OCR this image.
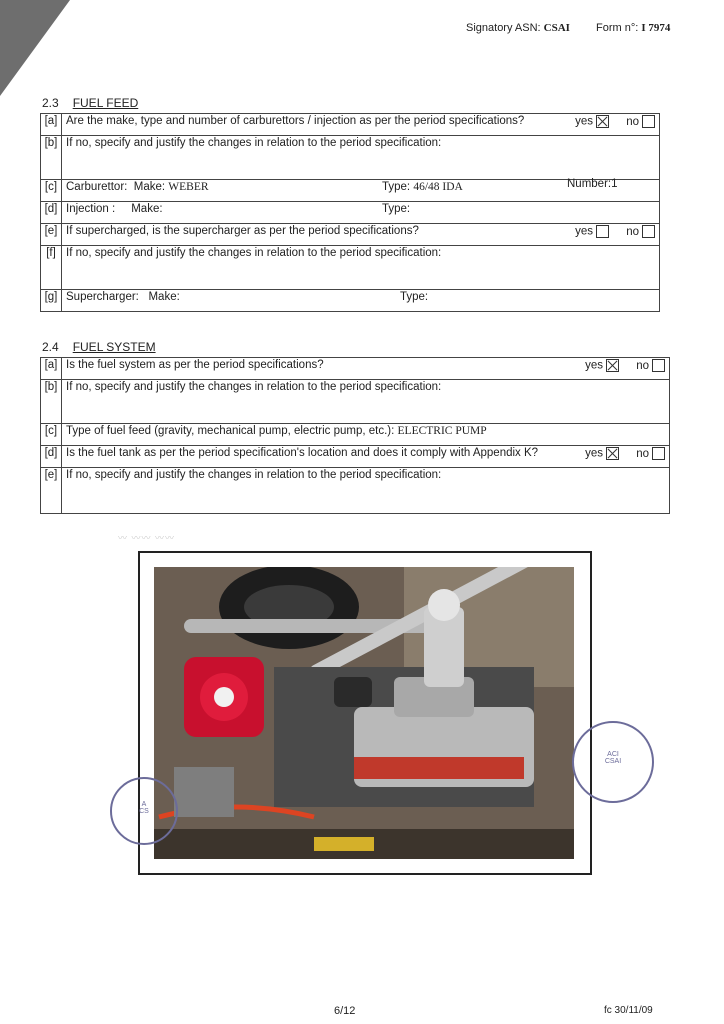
Signatory ASN: CSAI Form n°: I 7974
2.3 FUEL FEED
[a]	Are the make, type and number of carburettors / injection as per the period specifications? yes no

[b]	If no, specify and justify the changes in relation to the period specification:
[c]	Carburettor: Make: WEBER Type: 46/48 IDA Number:1

[d]	Injection : Make: Type:

[e]	If supercharged, is the supercharger as per the period specifications? yes no

[f]	If no, specify and justify the changes in relation to the period specification:
[g]	Supercharger: Make: Type:
2.4 FUEL SYSTEM
[a]	Is the fuel system as per the period specifications? yes no

[b]	If no, specify and justify the changes in relation to the period specification:
[c]	Type of fuel feed (gravity, mechanical pump, electric pump, etc.): ELECTRIC PUMP
[d]	Is the fuel tank as per the period specification's location and does it comply with Appendix K? yes no

[e]	If no, specify and justify the changes in relation to the period specification:
〰 〰〰 〰〰
A
CS
ACI
CSAI
6/12	fc 30/11/09
